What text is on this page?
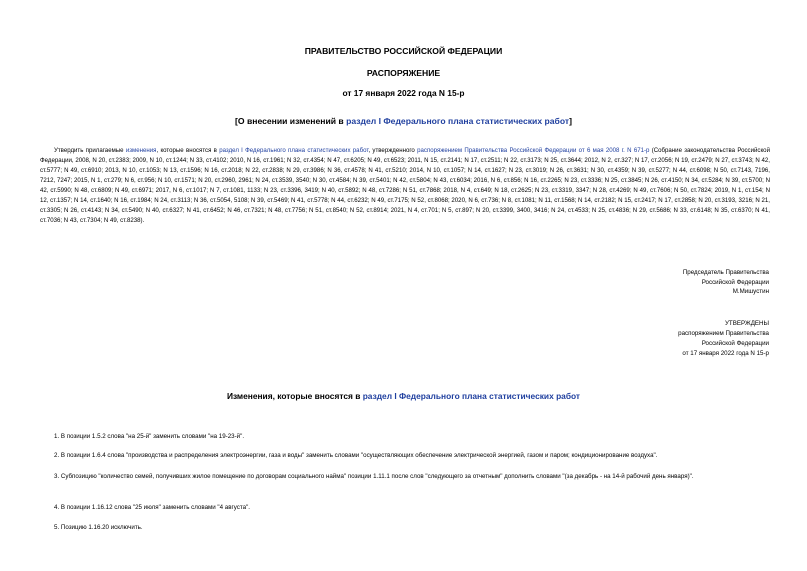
ПРАВИТЕЛЬСТВО РОССИЙСКОЙ ФЕДЕРАЦИИ
РАСПОРЯЖЕНИЕ
от 17 января 2022 года N 15-р
[О внесении изменений в раздел I Федерального плана статистических работ]
Утвердить прилагаемые изменения, которые вносятся в раздел I Федерального плана статистических работ, утвержденного распоряжением Правительства Российской Федерации от 6 мая 2008 г. N 671-р (Собрание законодательства Российской Федерации, 2008, N 20, ст.2383; 2009, N 10, ст.1244; N 33, ст.4102; 2010, N 16, ст.1961; N 32, ст.4354; N 47, ст.6205; N 49, ст.6523; 2011, N 15, ст.2141; N 17, ст.2511; N 22, ст.3173; N 25, ст.3644; 2012, N 2, ст.327; N 17, ст.2056; N 19, ст.2479; N 27, ст.3743; N 42, ст.5777; N 49, ст.6910; 2013, N 10, ст.1053; N 13, ст.1596; N 16, ст.2018; N 22, ст.2838; N 29, ст.3986; N 36, ст.4578; N 41, ст.5210; 2014, N 10, ст.1057; N 14, ст.1627; N 23, ст.3019; N 26, ст.3631; N 30, ст.4359; N 39, ст.5277; N 44, ст.6098; N 50, ст.7143, 7196, 7212, 7247; 2015, N 1, ст.279; N 6, ст.956; N 10, ст.1571; N 20, ст.2960, 2961; N 24, ст.3539, 3540; N 30, ст.4584; N 39, ст.5401; N 42, ст.5804; N 43, ст.6034; 2016, N 6, ст.856; N 16, ст.2265; N 23, ст.3336; N 25, ст.3845; N 26, ст.4150; N 34, ст.5284; N 39, ст.5700; N 42, ст.5990; N 48, ст.6809; N 49, ст.6971; 2017, N 6, ст.1017; N 7, ст.1081, 1133; N 23, ст.3396, 3419; N 40, ст.5892; N 48, ст.7286; N 51, ст.7868; 2018, N 4, ст.649; N 18, ст.2625; N 23, ст.3319, 3347; N 28, ст.4269; N 49, ст.7606; N 50, ст.7824; 2019, N 1, ст.154; N 12, ст.1357; N 14, ст.1640; N 16, ст.1984; N 24, ст.3113; N 36, ст.5054, 5108; N 39, ст.5469; N 41, ст.5778; N 44, ст.6232; N 49, ст.7175; N 52, ст.8068; 2020, N 6, ст.736; N 8, ст.1081; N 11, ст.1568; N 14, ст.2182; N 15, ст.2417; N 17, ст.2858; N 20, ст.3193, 3216; N 21, ст.3305; N 26, ст.4143; N 34, ст.5490; N 40, ст.6327; N 41, ст.6452; N 46, ст.7321; N 48, ст.7756; N 51, ст.8540; N 52, ст.8914; 2021, N 4, ст.701; N 5, ст.897; N 20, ст.3399, 3400, 3416; N 24, ст.4533; N 25, ст.4836; N 29, ст.5686; N 33, ст.6148; N 35, ст.6370; N 41, ст.7036; N 43, ст.7304; N 49, ст.8238).
Председатель Правительства
Российской Федерации
М.Мишустин
УТВЕРЖДЕНЫ
распоряжением Правительства
Российской Федерации
от 17 января 2022 года N 15-р
Изменения, которые вносятся в раздел I Федерального плана статистических работ
1. В позиции 1.5.2 слова "на 25-й" заменить словами "на 19-23-й".
2. В позиции 1.6.4 слова "производства и распределения электроэнергии, газа и воды" заменить словами "осуществляющих обеспечение электрической энергией, газом и паром; кондиционирование воздуха".
3. Субпозицию "количество семей, получивших жилое помещение по договорам социального найма" позиции 1.11.1 после слов "следующего за отчетным" дополнить словами "(за декабрь - на 14-й рабочий день января)".
4. В позиции 1.16.12 слова "25 июля" заменить словами "4 августа".
5. Позицию 1.16.20 исключить.
